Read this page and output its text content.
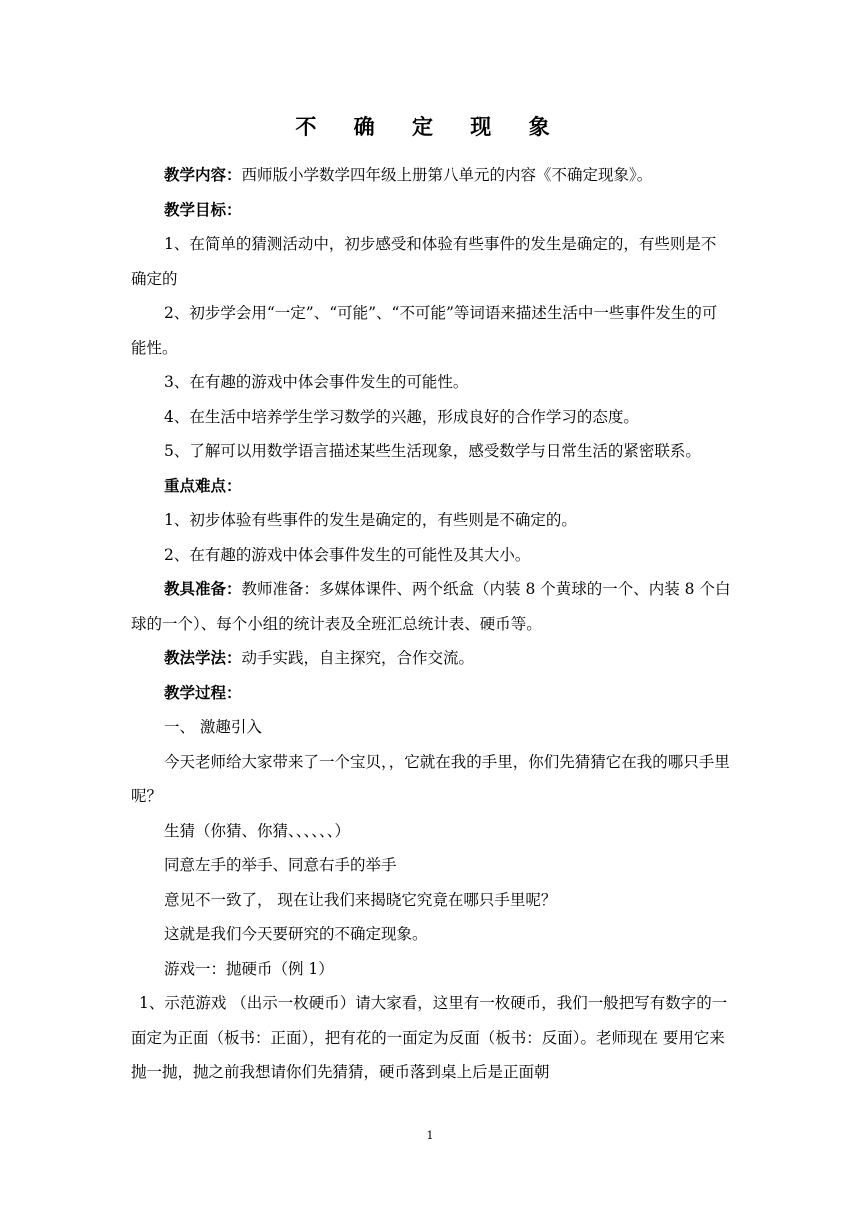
不 确 定 现 象

教学内容：西师版小学数学四年级上册第八单元的内容《不确定现象》。

教学目标：

1、在简单的猜测活动中，初步感受和体验有些事件的发生是确定的，有些则是不确定的

2、初步学会用“一定”、“可能”、“不可能”等词语来描述生活中一些事件发生的可能性。

3、在有趣的游戏中体会事件发生的可能性。

4、在生活中培养学生学习数学的兴趣，形成良好的合作学习的态度。

5、了解可以用数学语言描述某些生活现象，感受数学与日常生活的紧密联系。

重点难点：

1、初步体验有些事件的发生是确定的，有些则是不确定的。

2、在有趣的游戏中体会事件发生的可能性及其大小。

教具准备：教师准备：多媒体课件、两个纸盒（内装 8 个黄球的一个、内装 8 个白球的一个）、每个小组的统计表及全班汇总统计表、硬币等。

教法学法：动手实践，自主探究，合作交流。

教学过程：

一、 激趣引入

今天老师给大家带来了一个宝贝，，它就在我的手里，你们先猜猜它在我的哪只手里呢？

生猜（你猜、你猜、、、、、、）

同意左手的举手、同意右手的举手

意见不一致了， 现在让我们来揭晓它究竟在哪只手里呢？

这就是我们今天要研究的不确定现象。

游戏一：抛硬币（例 1）

1、示范游戏 （出示一枚硬币）请大家看，这里有一枚硬币，我们一般把写有数字的一面定为正面（板书：正面），把有花的一面定为反面（板书：反面）。老师现在 要用它来抛一抛，抛之前我想请你们先猜猜，硬币落到桌上后是正面朝

1
